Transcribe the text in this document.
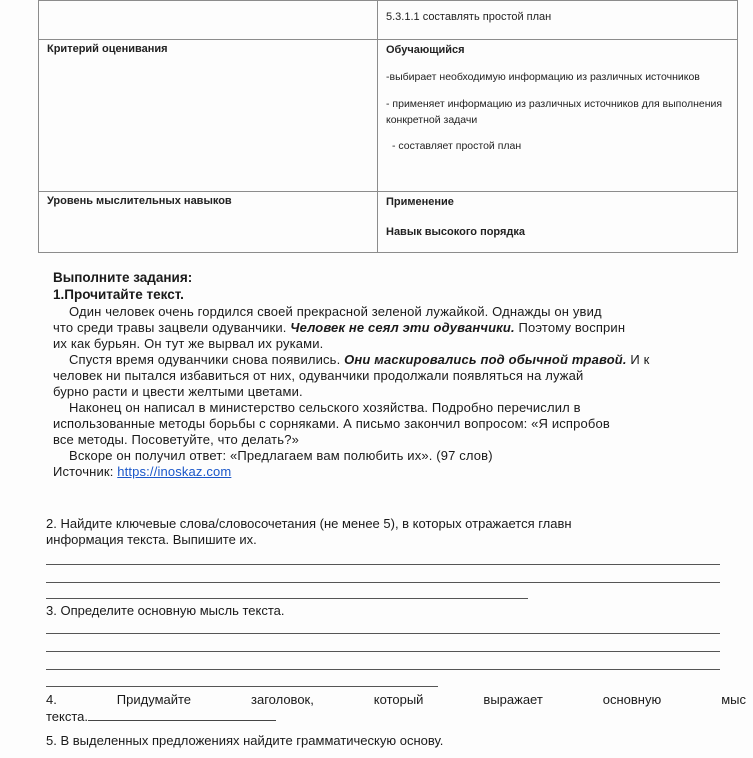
	5.3.1.1 составлять простой план

Критерий оценивания	Обучающийся
-выбирает необходимую информацию из различных источников
- применяет информацию из различных источников для выполнения конкретной задачи
- составляет простой план

Уровень мыслительных навыков	Применение
Навык высокого порядка
Выполните задания:
1.Прочитайте текст.
Один человек очень гордился своей прекрасной зеленой лужайкой. Однажды он увид
что среди травы зацвели одуванчики. Человек не сеял эти одуванчики. Поэтому восприн
их как бурьян. Он тут же вырвал их руками.
Спустя время одуванчики снова появились. Они маскировались под обычной травой. И к
человек ни пытался избавиться от них, одуванчики продолжали появляться на лужай
бурно расти и цвести желтыми цветами.
Наконец он написал в министерство сельского хозяйства. Подробно перечислил в
использованные методы борьбы с сорняками. А письмо закончил вопросом: «Я испробов
все методы. Посоветуйте, что делать?»
Вскоре он получил ответ: «Предлагаем вам полюбить их». (97 слов)
Источник: https://inoskaz.com
2. Найдите ключевые слова/словосочетания (не менее 5), в которых отражается главн
информация текста. Выпишите их.
3. Определите основную мысль текста.
4.	Придумайте	заголовок,	который	выражает	основную	мыс
текста.
5. В выделенных предложениях найдите грамматическую основу.
